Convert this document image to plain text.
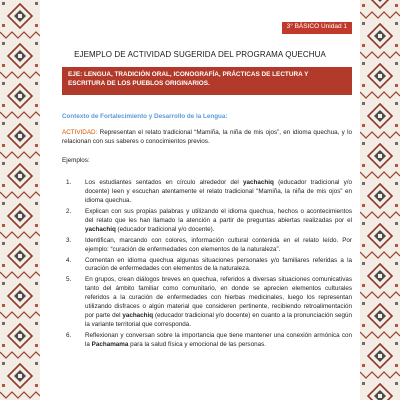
3° BÁSICO Unidad 1
EJEMPLO DE ACTIVIDAD SUGERIDA DEL PROGRAMA QUECHUA
EJE: LENGUA, TRADICIÓN ORAL, ICONOGRAFÍA, PRÁCTICAS DE LECTURA Y ESCRITURA DE LOS PUEBLOS ORIGINARIOS.
Contexto de Fortalecimiento y Desarrollo de la Lengua:
ACTIVIDAD: Representan el relato tradicional “Mamiña, la niña de mis ojos”, en idioma quechua, y lo relacionan con sus saberes o conocimientos previos.
Ejemplos:
1. Los estudiantes sentados en círculo alrededor del yachachiq (educador tradicional y/o docente) leen y escuchan atentamente el relato tradicional “Mamiña, la niña de mis ojos” en idioma quechua.
2. Explican con sus propias palabras y utilizando el idioma quechua, hechos o acontecimientos del relato que les han llamado la atención a partir de preguntas abiertas realizadas por el yachachiq (educador tradicional y/o docente).
3. Identifican, marcando con colores, información cultural contenida en el relato leído. Por ejemplo: “curación de enfermedades con elementos de la naturaleza”.
4. Comentan en idioma quechua algunas situaciones personales y/o familiares referidas a la curación de enfermedades con elementos de la naturaleza.
5. En grupos, crean diálogos breves en quechua, referidos a diversas situaciones comunicativas tanto del ámbito familiar como comunitario, en donde se aprecien elementos culturales referidos a la curación de enfermedades con hierbas medicinales, luego los representan utilizando disfraces o algún material que consideren pertinente, recibiendo retroalimentación por parte del yachachiq (educador tradicional y/o docente) en cuanto a la pronunciación según la variante territorial que corresponda.
6. Reflexionan y conversan sobre la importancia que tiene mantener una conexión armónica con la Pachamama para la salud física y emocional de las personas.
